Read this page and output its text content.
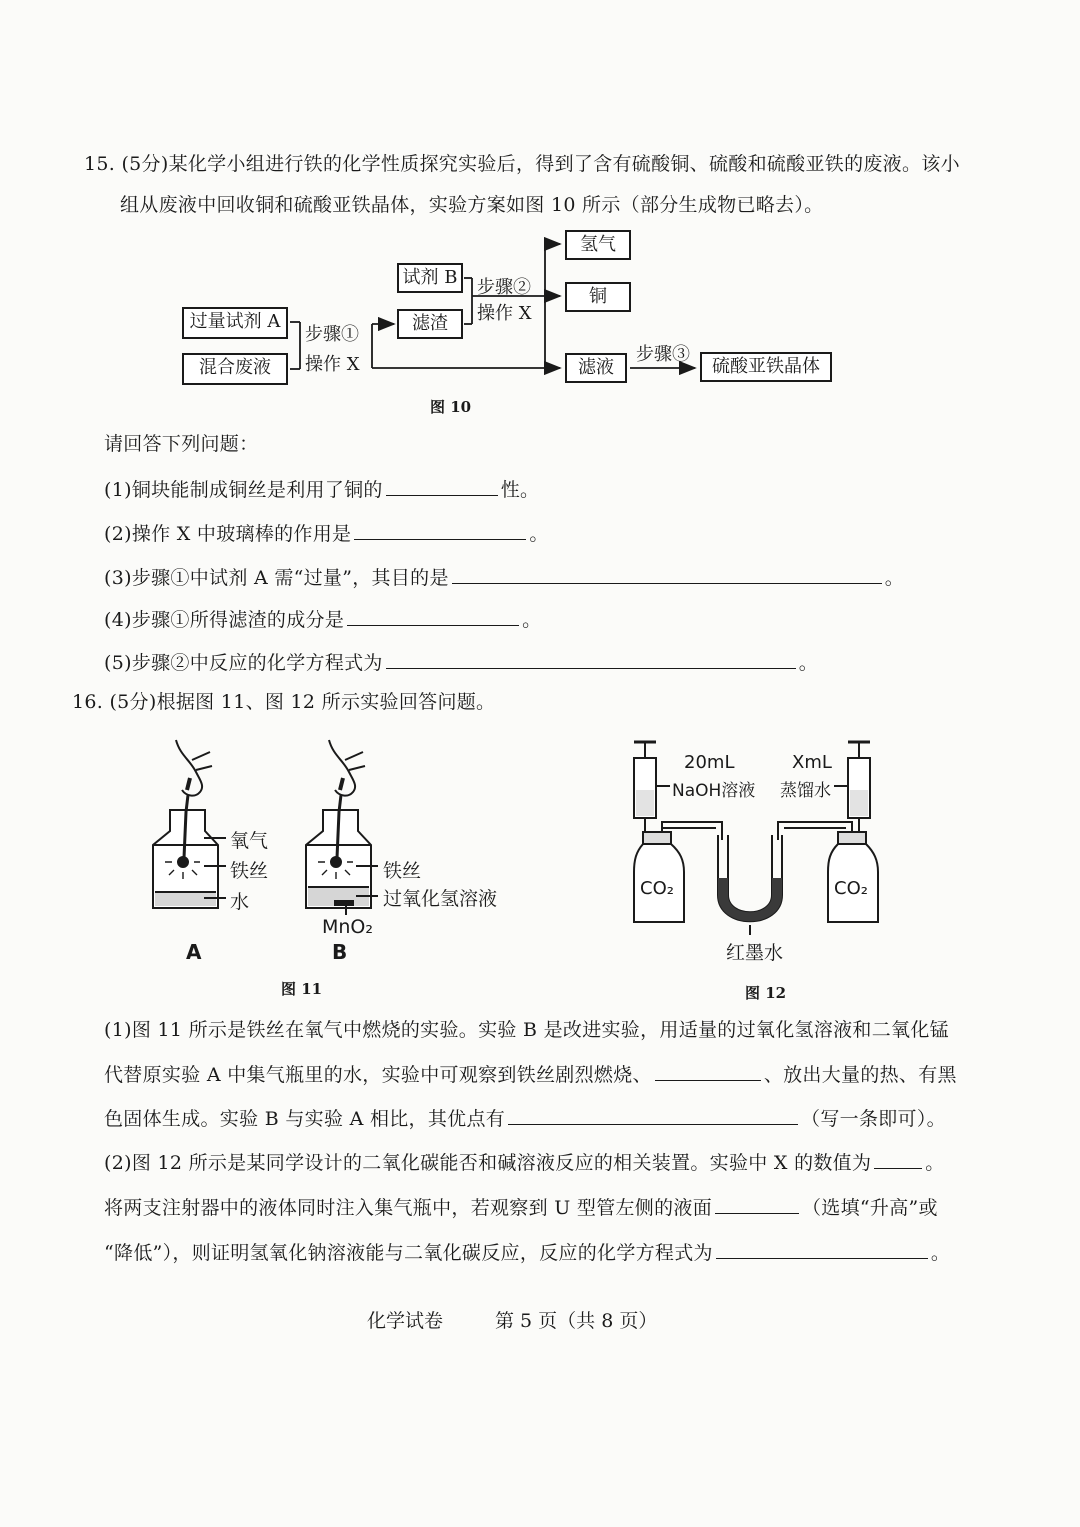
15. (5分)某化学小组进行铁的化学性质探究实验后，得到了含有硫酸铜、硫酸和硫酸亚铁的废液。该小
组从废液中回收铜和硫酸亚铁晶体，实验方案如图 10 所示（部分生成物已略去）。
过量试剂 A
混合废液
步骤①
操作 X
滤渣
试剂 B	步骤②
操作 X
氢气
铜
滤液
步骤③
硫酸亚铁晶体
图 10
请回答下列问题：
(1)铜块能制成铜丝是利用了铜的	性。
(2)操作 X 中玻璃棒的作用是	。
(3)步骤①中试剂 A 需“过量”，其目的是	。
(4)步骤①所得滤渣的成分是	。
(5)步骤②中反应的化学方程式为	。
16. (5分)根据图 11、图 12 所示实验回答问题。
氧气
铁丝
水
铁丝
过氧化氢溶液
MnO₂
A	B
图 11
20mL
NaOH溶液
XmL
蒸馏水
CO₂	CO₂
红墨水
图 12
(1)图 11 所示是铁丝在氧气中燃烧的实验。实验 B 是改进实验，用适量的过氧化氢溶液和二氧化锰
代替原实验 A 中集气瓶里的水，实验中可观察到铁丝剧烈燃烧、	、放出大量的热、有黑
色固体生成。实验 B 与实验 A 相比，其优点有	（写一条即可）。
(2)图 12 所示是某同学设计的二氧化碳能否和碱溶液反应的相关装置。实验中 X 的数值为	。
将两支注射器中的液体同时注入集气瓶中，若观察到 U 型管左侧的液面	（选填“升高”或
“降低”），则证明氢氧化钠溶液能与二氧化碳反应，反应的化学方程式为	。
化学试卷	第 5 页（共 8 页）
